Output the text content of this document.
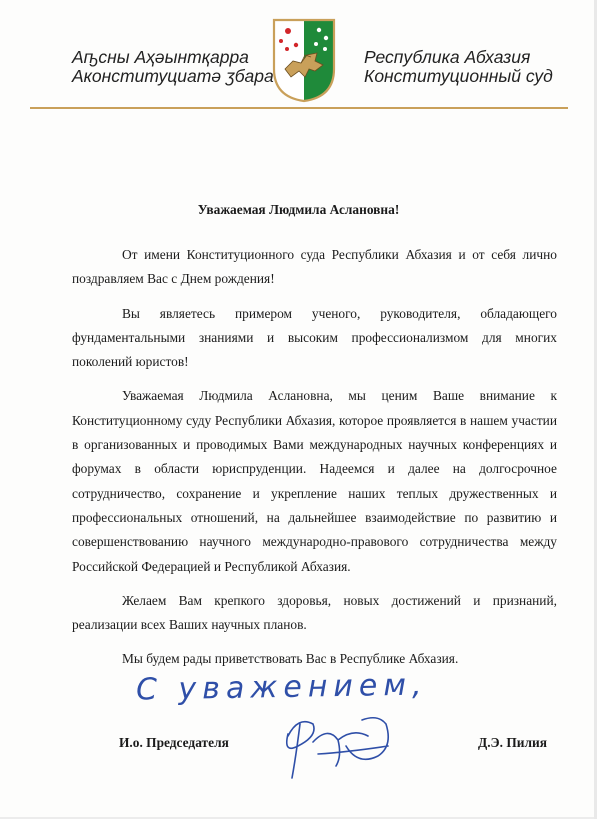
Аҧсны Аҳәынтқарра
Аконституциатә ӡбара
Республика Абхазия
Конституционный суд
Уважаемая Людмила Аслановна!

От имени Конституционного суда Республики Абхазия и от себя лично поздравляем Вас с Днем рождения!

Вы являетесь примером ученого, руководителя, обладающего фундаментальными знаниями и высоким профессионализмом для многих поколений юристов!

Уважаемая Людмила Аслановна, мы ценим Ваше внимание к Конституционному суду Республики Абхазия, которое проявляется в нашем участии в организованных и проводимых Вами международных научных конференциях и форумах в области юриспруденции. Надеемся и далее на долгосрочное сотрудничество, сохранение и укрепление наших теплых дружественных и профессиональных отношений, на дальнейшее взаимодействие по развитию и совершенствованию научного международно-правового сотрудничества между Российской Федерацией и Республикой Абхазия.

Желаем Вам крепкого здоровья, новых достижений и признаний, реализации всех Ваших научных планов.

Мы будем рады приветствовать Вас в Республике Абхазия.

С уважением,
И.о. Председателя	Д.Э. Пилия
